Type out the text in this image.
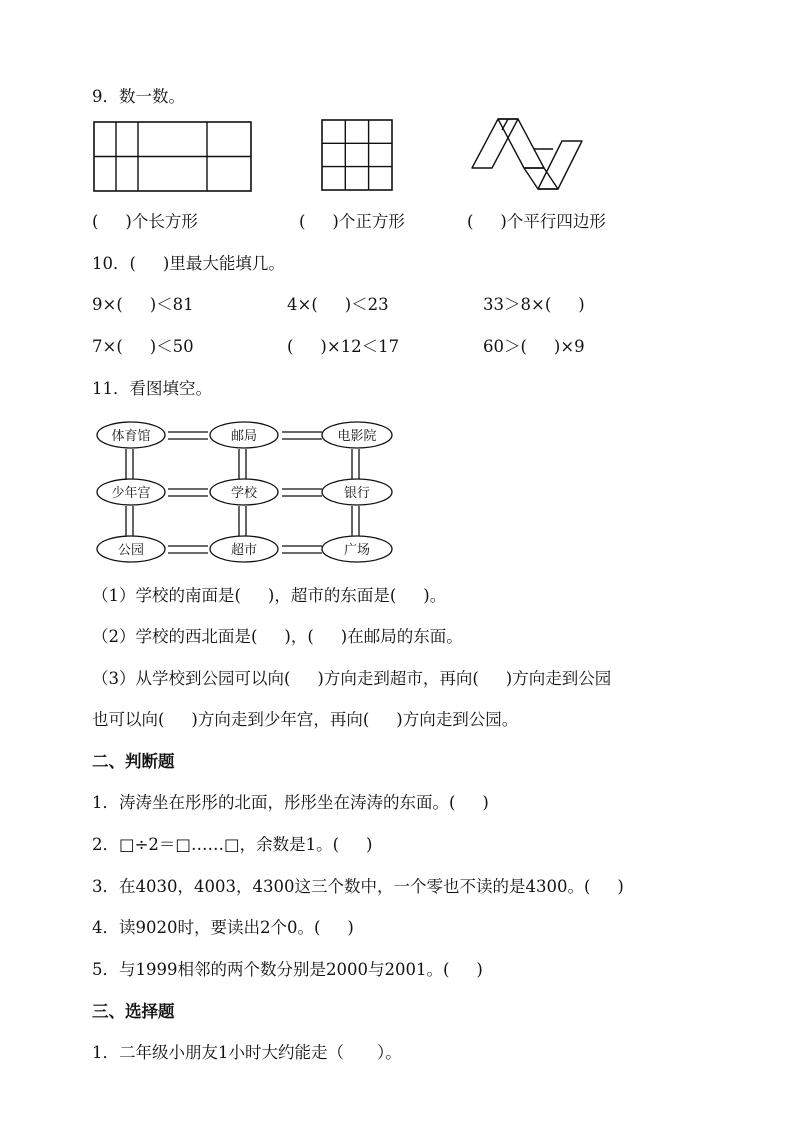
9．数一数。
(　  )个长方形	(　  )个正方形	(　  )个平行四边形
10．(　  )里最大能填几。
9×(　  )＜81	4×(　  )＜23	33＞8×(　  )
7×(　  )＜50	(　  )×12＜17	60＞(　  )×9
11．看图填空。
体育馆	邮局	电影院
少年宫	学校	银行
公园	超市	广场
（1）学校的南面是(　  )，超市的东面是(　  )。
（2）学校的西北面是(　  )，(　  )在邮局的东面。
（3）从学校到公园可以向(　  )方向走到超市，再向(　  )方向走到公园
也可以向(　  )方向走到少年宫，再向(　  )方向走到公园。
二、判断题
1．涛涛坐在彤彤的北面，彤彤坐在涛涛的东面。(　  )
2．□÷2＝□……□，余数是1。(　  )
3．在4030，4003，4300这三个数中，一个零也不读的是4300。(　  )
4．读9020时，要读出2个0。(　  )
5．与1999相邻的两个数分别是2000与2001。(　  )
三、选择题
1．二年级小朋友1小时大约能走（　　）。
